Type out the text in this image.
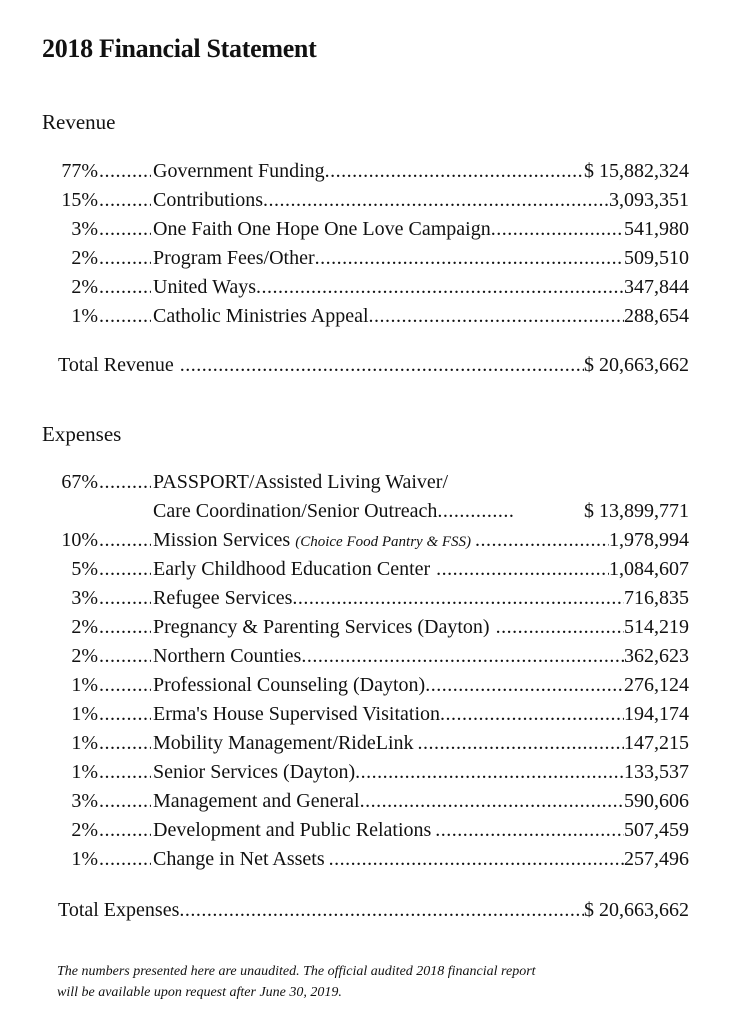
2018 Financial Statement
Revenue
77% .....	Government Funding .....	$ 15,882,324
15% .....	Contributions .....	3,093,351
3% .....	One Faith One Hope One Love Campaign .....	541,980
2% .....	Program Fees/Other .....	509,510
2% .....	United Ways .....	347,844
1% .....	Catholic Ministries Appeal .....	288,654
Total Revenue .....	$ 20,663,662
Expenses
67% .....	PASSPORT/Assisted Living Waiver/
Care Coordination/Senior Outreach .....	$ 13,899,771
10% .....	Mission Services (Choice Food Pantry & FSS) .....	1,978,994
5% .....	Early Childhood Education Center .....	1,084,607
3% .....	Refugee Services .....	716,835
2% .....	Pregnancy & Parenting Services (Dayton) .....	514,219
2% .....	Northern Counties .....	362,623
1% .....	Professional Counseling (Dayton) .....	276,124
1% .....	Erma's House Supervised Visitation .....	194,174
1% .....	Mobility Management/RideLink .....	147,215
1% .....	Senior Services (Dayton) .....	133,537
3% .....	Management and General .....	590,606
2% .....	Development and Public Relations .....	507,459
1% .....	Change in Net Assets .....	257,496
Total Expenses .....	$ 20,663,662
The numbers presented here are unaudited. The official audited 2018 financial report
will be available upon request after June 30, 2019.
